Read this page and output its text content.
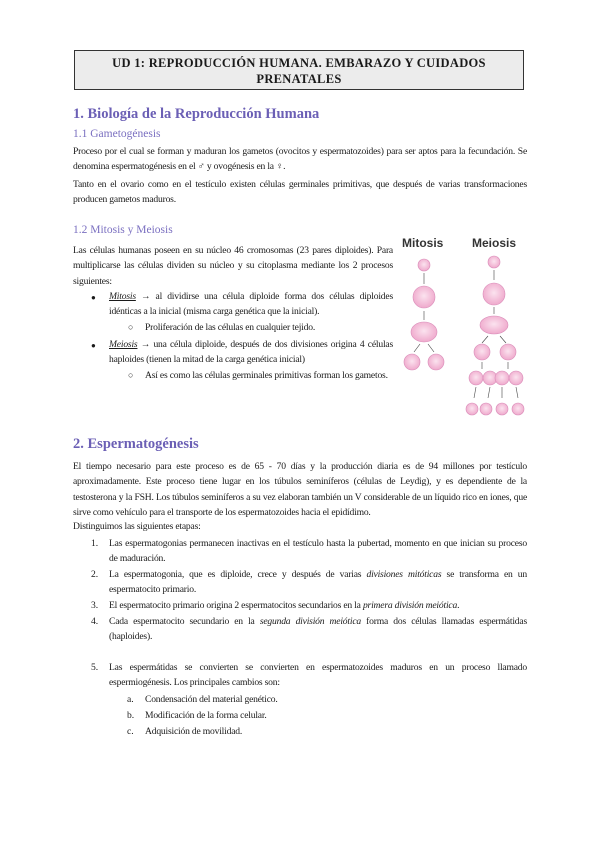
UD 1: REPRODUCCIÓN HUMANA. EMBARAZO Y CUIDADOS PRENATALES
1. Biología de la Reproducción Humana
1.1 Gametogénesis
Proceso por el cual se forman y maduran los gametos (ovocitos y espermatozoides) para ser aptos para la fecundación. Se denomina espermatogénesis en el ♂ y ovogénesis en la ♀.
Tanto en el ovario como en el testículo existen células germinales primitivas, que después de varias transformaciones producen gametos maduros.
1.2 Mitosis y Meiosis
Las células humanas poseen en su núcleo 46 cromosomas (23 pares diploides). Para multiplicarse las células dividen su núcleo y su citoplasma mediante los 2 procesos siguientes:
● Mitosis → al dividirse una célula diploide forma dos células diploides idénticas a la inicial (misma carga genética que la inicial).
○ Proliferación de las células en cualquier tejido.
● Meiosis → una célula diploide, después de dos divisiones origina 4 células haploides (tienen la mitad de la carga genética inicial)
○ Así es como las células germinales primitivas forman los gametos.
Mitosis Meiosis
2. Espermatogénesis
El tiempo necesario para este proceso es de 65 - 70 días y la producción diaria es de 94 millones por testículo aproximadamente. Este proceso tiene lugar en los túbulos seminíferos (células de Leydig), y es dependiente de la testosterona y la FSH. Los túbulos seminíferos a su vez elaboran también un V considerable de un líquido rico en iones, que sirve como vehículo para el transporte de los espermatozoides hacia el epidídimo.
Distinguimos las siguientes etapas:
1. Las espermatogonias permanecen inactivas en el testículo hasta la pubertad, momento en que inician su proceso de maduración.
2. La espermatogonia, que es diploide, crece y después de varias divisiones mitóticas se transforma en un espermatocito primario.
3. El espermatocito primario origina 2 espermatocitos secundarios en la primera división meiótica.
4. Cada espermatocito secundario en la segunda división meiótica forma dos células llamadas espermátidas (haploides).
5. Las espermátidas se convierten se convierten en espermatozoides maduros en un proceso llamado espermiogénesis. Los principales cambios son:
a. Condensación del material genético.
b. Modificación de la forma celular.
c. Adquisición de movilidad.
